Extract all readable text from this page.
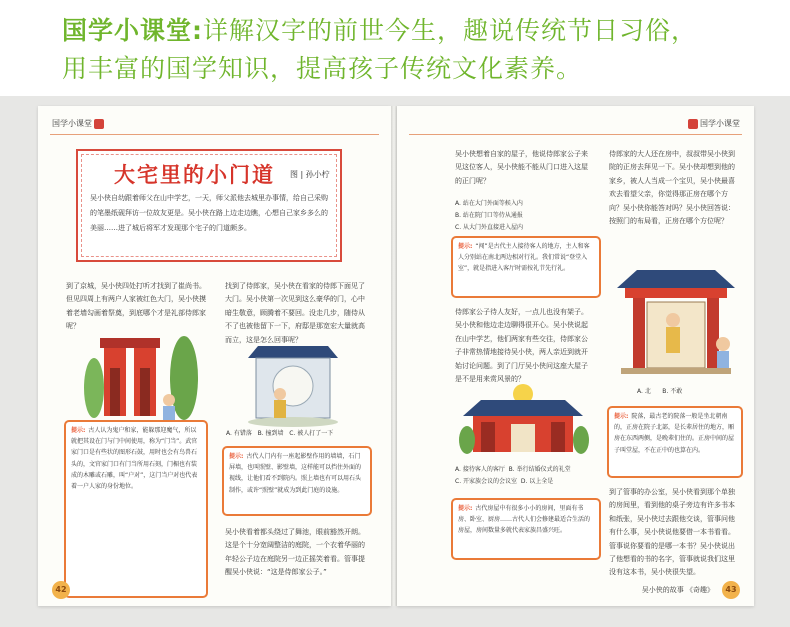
国学小课堂:详解汉字的前世今生，趣说传统节日习俗，
用丰富的国学知识，提高孩子传统文化素养。
国学小课堂
大宅里的小门道 图 | 孙小柠
吴小侠自幼跟着师父在山中学艺，一天，师父派他去城里办事情，给自己采购的笔墨纸砚拜访一位故友更是。吴小侠在路上边走边瞧，心想自己家乡多么的美丽……进了城后将军才发现那个宅子的门道颇多。
到了京城，吴小侠四处打听才找到了崔尚书。但见四周上有两户人家被红色大门，吴小侠摸着老墙勾画着祭奠，到底哪个才是礼部侍郎家呢？
找到了侍郎家，吴小侠在看家的侍郎下面见了大门。吴小侠第一次见到这么豪华的门，心中暗生敬意，顾腾着不要回。没走几步，随侍从不了也被他留下一下，府邸是那宽宏大量就高而立，这是怎么回事呢？
A. 有错落 B. 撞到墙 C. 被人打了一下
提示: 古人认为鬼户和家，能躲那迎魔气，所以就把其设在门与门中间使用，称为“门当”。武官家门口是有些状的图形石鼓，用时也会有鸟兽石头的，文官家门口有门当所用石刻，门楣也有装成的木雕或石雕，叫“户对”，这门当户对也代表着一户人家的身份地位。
提示: 古代人门内有一座起影壁作用的墙墙，石门屏墙，也叫照壁、影壁墙，这样能可以挡住外面的视线，让他们看不到院内。照上墙也有可以用石头制作，或许“照壁”就成为到此门庭的设施。
吴小侠看着都头绕过了舞池，眼前豁然开朗。这是个十分宽阔整洁的庭院，一个衣着华丽的年轻公子边在庭院另一边正摇笑着看。管事提醒吴小侠说：“这是侍郎家公子。”
42
国学小课堂
吴小侠想着自家的屋子，他说侍郎家公子来见这位客人，吴小侠能不能从门口进入这屋的正门呢？
A. 站在大门外面等候入内
B. 站在院门口等侍从通报
C. 从大门外直接进入屋内
提示: “闯”是古代主人接待客人的地方，主人和客人分别站在南北两边相对行礼。我们常说“登堂入室”，就是指进入客厅时需按礼节先行礼。
侍郎家公子待人友好，一点儿也没有架子。吴小侠和他边走边聊得很开心。吴小侠说起在山中学艺，他们两家有些交往，侍郎家公子非常热情地接待吴小侠，两人亲近到就开始讨论问题。到了门厅吴小侠问这座大屋子是不是用来赏风景的？
A. 接待客人的客厅 B. 举行结婚仪式的礼堂
C. 开家族会议的会议室 D. 以上全是
提示: 古代房屋中有很多小小的房间，里面有书房、卧室、厨房……古代人们会修建最适合生活的房屋，房间数量多就代表家族昌盛兴旺。
侍郎家的大人还在房中，叔叔带吴小侠到院的正房去拜见一下。吴小侠却想到他的家乡，被人人当成一个宝贝，吴小侠最喜欢去看望父亲，你觉得那正房在哪个方向？吴小侠你能答对吗？吴小侠回答说：按照门的布局看，正房在哪个方位呢？
A. 北 B. 不敢
提示: 院落，最古老的院落一般是坐北朝南的，正房在院子北部，是长辈居住的地方，厢房在东西两侧，是晚辈们住的。正房中间的屋子叫堂屋，不在正中的也算在内。
到了管事的办公室，吴小侠看到那个单独的房间里，看到他的桌子旁边有许多书本和纸张，吴小侠过去跟他交谈，管事问他有什么事，吴小侠说他要借一本书看看。管事说你要看的是哪一本书？吴小侠说出了他想看的书的名字，管事就说我们这里没有这本书，吴小侠很失望。
吴小侠的故事 《奇趣》	43
